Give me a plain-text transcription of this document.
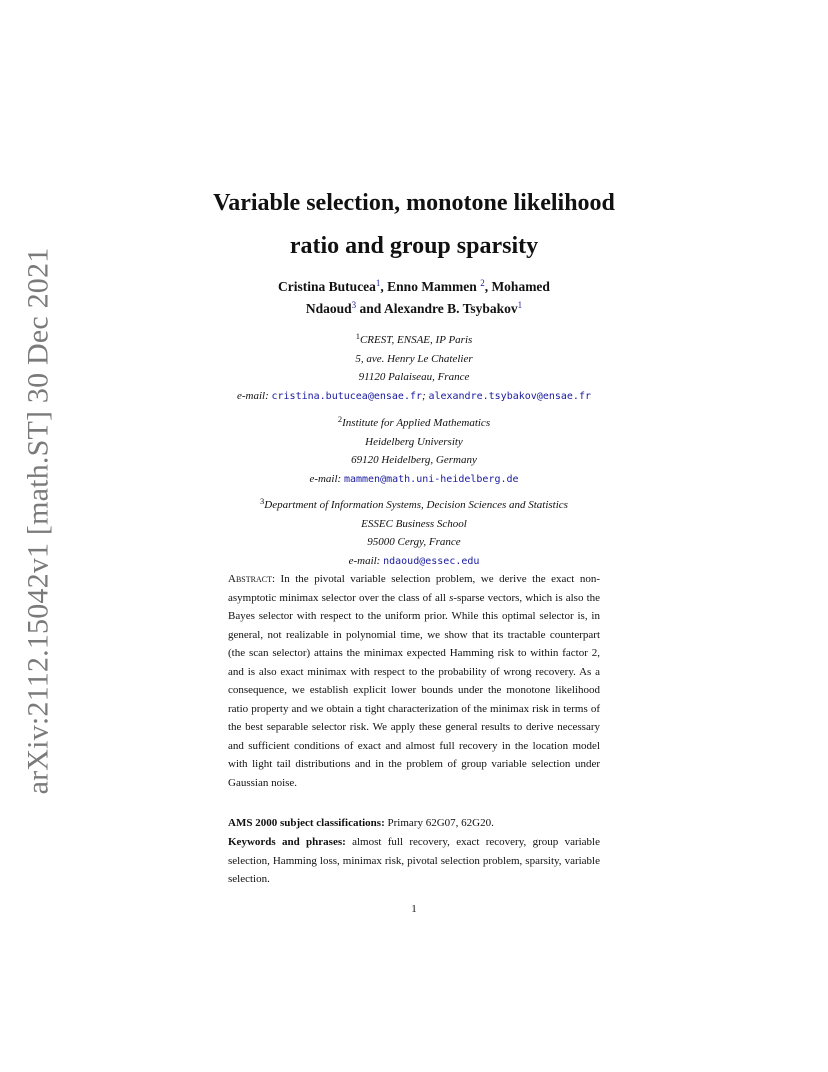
arXiv:2112.15042v1 [math.ST] 30 Dec 2021
Variable selection, monotone likelihood
ratio and group sparsity
Cristina Butucea$^1$, Enno Mammen $^2$, Mohamed
Ndaoud$^3$ and Alexandre B. Tsybakov$^1$
$^1$CREST, ENSAE, IP Paris
5, ave. Henry Le Chatelier
91120 Palaiseau, France
e-mail: cristina.butucea@ensae.fr; alexandre.tsybakov@ensae.fr
$^2$Institute for Applied Mathematics
Heidelberg University
69120 Heidelberg, Germany
e-mail: mammen@math.uni-heidelberg.de
$^3$Department of Information Systems, Decision Sciences and Statistics
ESSEC Business School
95000 Cergy, France
e-mail: ndaoud@essec.edu
Abstract: In the pivotal variable selection problem, we derive the exact non-asymptotic minimax selector over the class of all s-sparse vectors, which is also the Bayes selector with respect to the uniform prior. While this optimal selector is, in general, not realizable in polynomial time, we show that its tractable counterpart (the scan selector) attains the minimax expected Hamming risk to within factor 2, and is also exact minimax with respect to the probability of wrong recovery. As a consequence, we establish explicit lower bounds under the monotone likelihood ratio property and we obtain a tight characterization of the minimax risk in terms of the best separable selector risk. We apply these general results to derive necessary and sufficient conditions of exact and almost full recovery in the location model with light tail distributions and in the problem of group variable selection under Gaussian noise.
AMS 2000 subject classifications: Primary 62G07, 62G20.
Keywords and phrases: almost full recovery, exact recovery, group variable selection, Hamming loss, minimax risk, pivotal selection problem, sparsity, variable selection.
1
